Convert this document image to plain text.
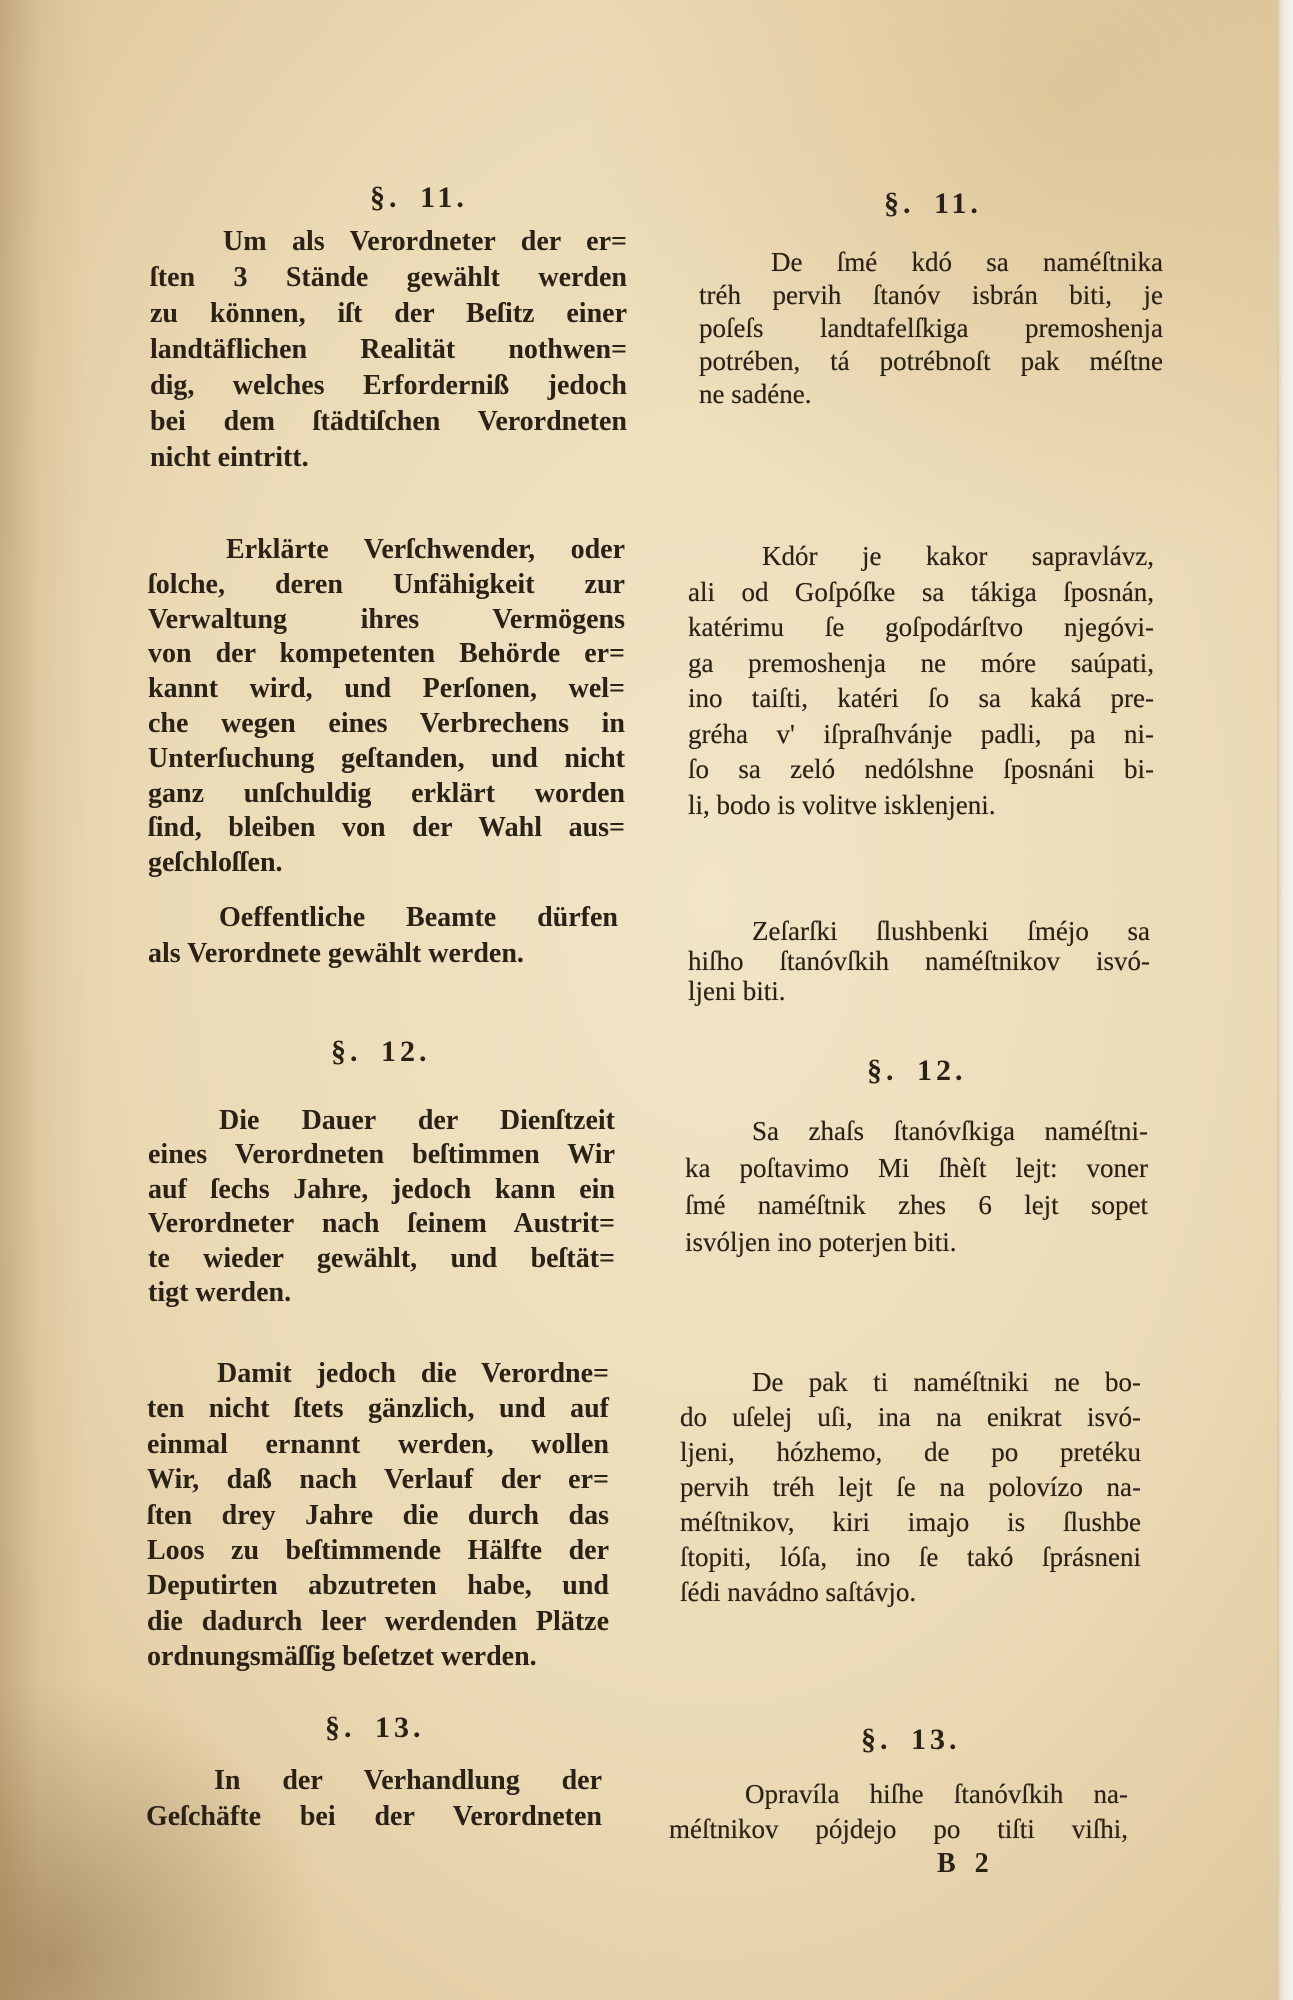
§. 11.
Um als Verordneter der er=
ſten 3 Stände gewählt werden
zu können, iſt der Beſitz einer
landtäflichen Realität nothwen=
dig, welches Erforderniß jedoch
bei dem ſtädtiſchen Verordneten
nicht eintritt.
Erklärte Verſchwender, oder
ſolche, deren Unfähigkeit zur
Verwaltung ihres Vermögens
von der kompetenten Behörde er=
kannt wird, und Perſonen, wel=
che wegen eines Verbrechens in
Unterſuchung geſtanden, und nicht
ganz unſchuldig erklärt worden
ſind, bleiben von der Wahl aus=
geſchloſſen.
Oeffentliche Beamte dürfen
als Verordnete gewählt werden.
§. 12.
Die Dauer der Dienſtzeit
eines Verordneten beſtimmen Wir
auf ſechs Jahre, jedoch kann ein
Verordneter nach ſeinem Austrit=
te wieder gewählt, und beſtät=
tigt werden.
Damit jedoch die Verordne=
ten nicht ſtets gänzlich, und auf
einmal ernannt werden, wollen
Wir, daß nach Verlauf der er=
ſten drey Jahre die durch das
Loos zu beſtimmende Hälfte der
Deputirten abzutreten habe, und
die dadurch leer werdenden Plätze
ordnungsmäſſig beſetzet werden.
§. 13.
In der Verhandlung der
Geſchäfte bei der Verordneten
§. 11.
De ſmé kdó sa naméſtnika
tréh pervih ſtanóv isbrán biti, je
poſeſs landtafelſkiga premoshenja
potrében, tá potrébnoſt pak méſtne
ne sadéne.
Kdór je kakor sapravlávz,
ali od Goſpóſke sa tákiga ſposnán,
katérimu ſe goſpodárſtvo njegóvi-
ga premoshenja ne móre saúpati,
ino taiſti, katéri ſo sa kaká pre-
gréha v' iſpraſhvánje padli, pa ni-
ſo sa zeló nedólshne ſposnáni bi-
li, bodo is volitve isklenjeni.
Zeſarſki ſlushbenki ſméjo sa
hiſho ſtanóvſkih naméſtnikov isvó-
ljeni biti.
§. 12.
Sa zhaſs ſtanóvſkiga naméſtni-
ka poſtavimo Mi ſhèſt lejt: voner
ſmé naméſtnik zhes 6 lejt sopet
isvóljen ino poterjen biti.
De pak ti naméſtniki ne bo-
do uſelej uſi, ina na enikrat isvó-
ljeni, hózhemo, de po pretéku
pervih tréh lejt ſe na polovízo na-
méſtnikov, kiri imajo is ſlushbe
ſtopiti, lóſa, ino ſe takó ſprásneni
ſédi navádno saſtávjo.
§. 13.
Opravíla hiſhe ſtanóvſkih na-
méſtnikov pójdejo po tiſti viſhi,
B 2
